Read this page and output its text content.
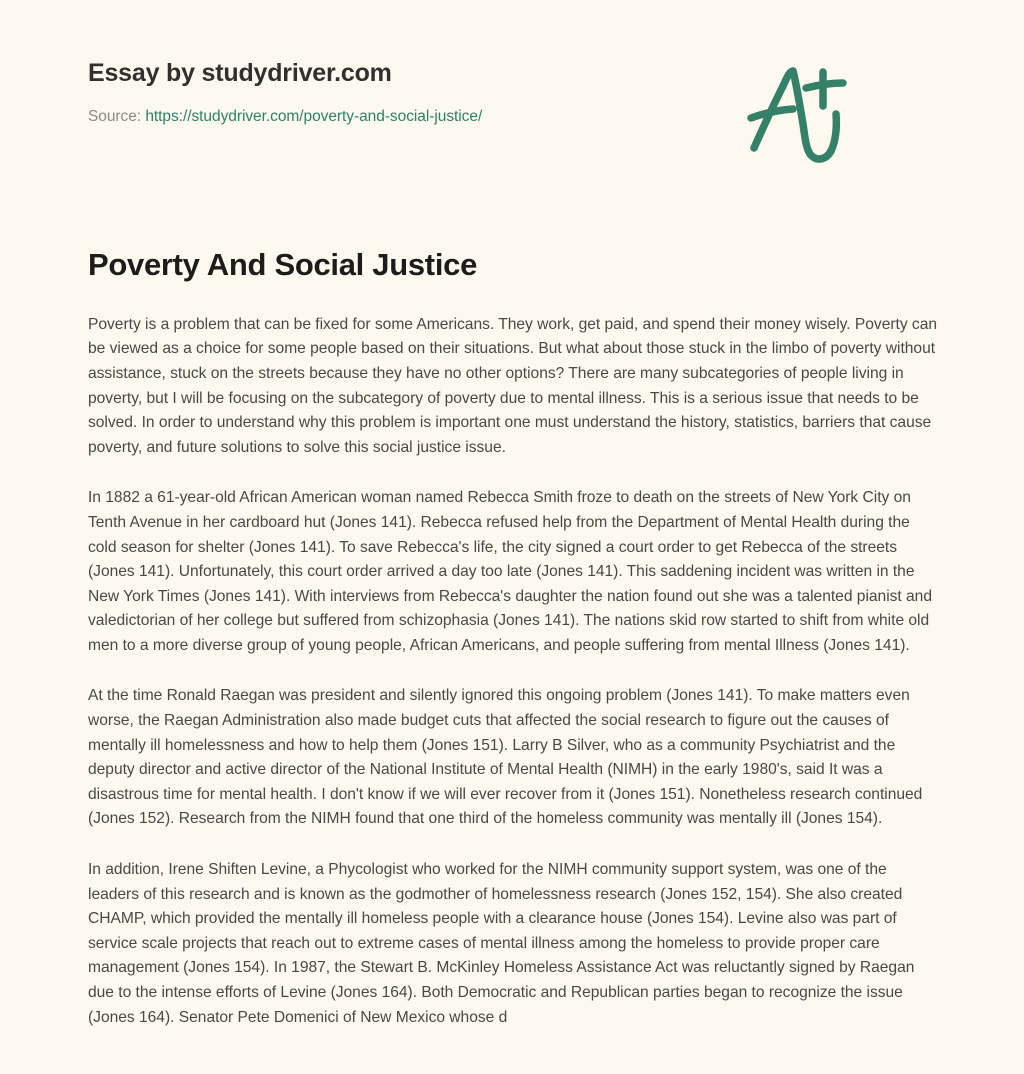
Essay by studydriver.com
Source: https://studydriver.com/poverty-and-social-justice/
Poverty And Social Justice

Poverty is a problem that can be fixed for some Americans. They work, get paid, and spend their money wisely. Poverty can be viewed as a choice for some people based on their situations. But what about those stuck in the limbo of poverty without assistance, stuck on the streets because they have no other options? There are many subcategories of people living in poverty, but I will be focusing on the subcategory of poverty due to mental illness. This is a serious issue that needs to be solved. In order to understand why this problem is important one must understand the history, statistics, barriers that cause poverty, and future solutions to solve this social justice issue.

In 1882 a 61-year-old African American woman named Rebecca Smith froze to death on the streets of New York City on Tenth Avenue in her cardboard hut (Jones 141). Rebecca refused help from the Department of Mental Health during the cold season for shelter (Jones 141). To save Rebecca's life, the city signed a court order to get Rebecca of the streets (Jones 141). Unfortunately, this court order arrived a day too late (Jones 141). This saddening incident was written in the New York Times (Jones 141). With interviews from Rebecca's daughter the nation found out she was a talented pianist and valedictorian of her college but suffered from schizophasia (Jones 141). The nations skid row started to shift from white old men to a more diverse group of young people, African Americans, and people suffering from mental Illness (Jones 141).

At the time Ronald Raegan was president and silently ignored this ongoing problem (Jones 141). To make matters even worse, the Raegan Administration also made budget cuts that affected the social research to figure out the causes of mentally ill homelessness and how to help them (Jones 151). Larry B Silver, who as a community Psychiatrist and the deputy director and active director of the National Institute of Mental Health (NIMH) in the early 1980's, said It was a disastrous time for mental health. I don't know if we will ever recover from it (Jones 151). Nonetheless research continued (Jones 152). Research from the NIMH found that one third of the homeless community was mentally ill (Jones 154).

In addition, Irene Shiften Levine, a Phycologist who worked for the NIMH community support system, was one of the leaders of this research and is known as the godmother of homelessness research (Jones 152, 154). She also created CHAMP, which provided the mentally ill homeless people with a clearance house (Jones 154). Levine also was part of service scale projects that reach out to extreme cases of mental illness among the homeless to provide proper care management (Jones 154). In 1987, the Stewart B. McKinley Homeless Assistance Act was reluctantly signed by Raegan due to the intense efforts of Levine (Jones 164). Both Democratic and Republican parties began to recognize the issue (Jones 164). Senator Pete Domenici of New Mexico whose d
